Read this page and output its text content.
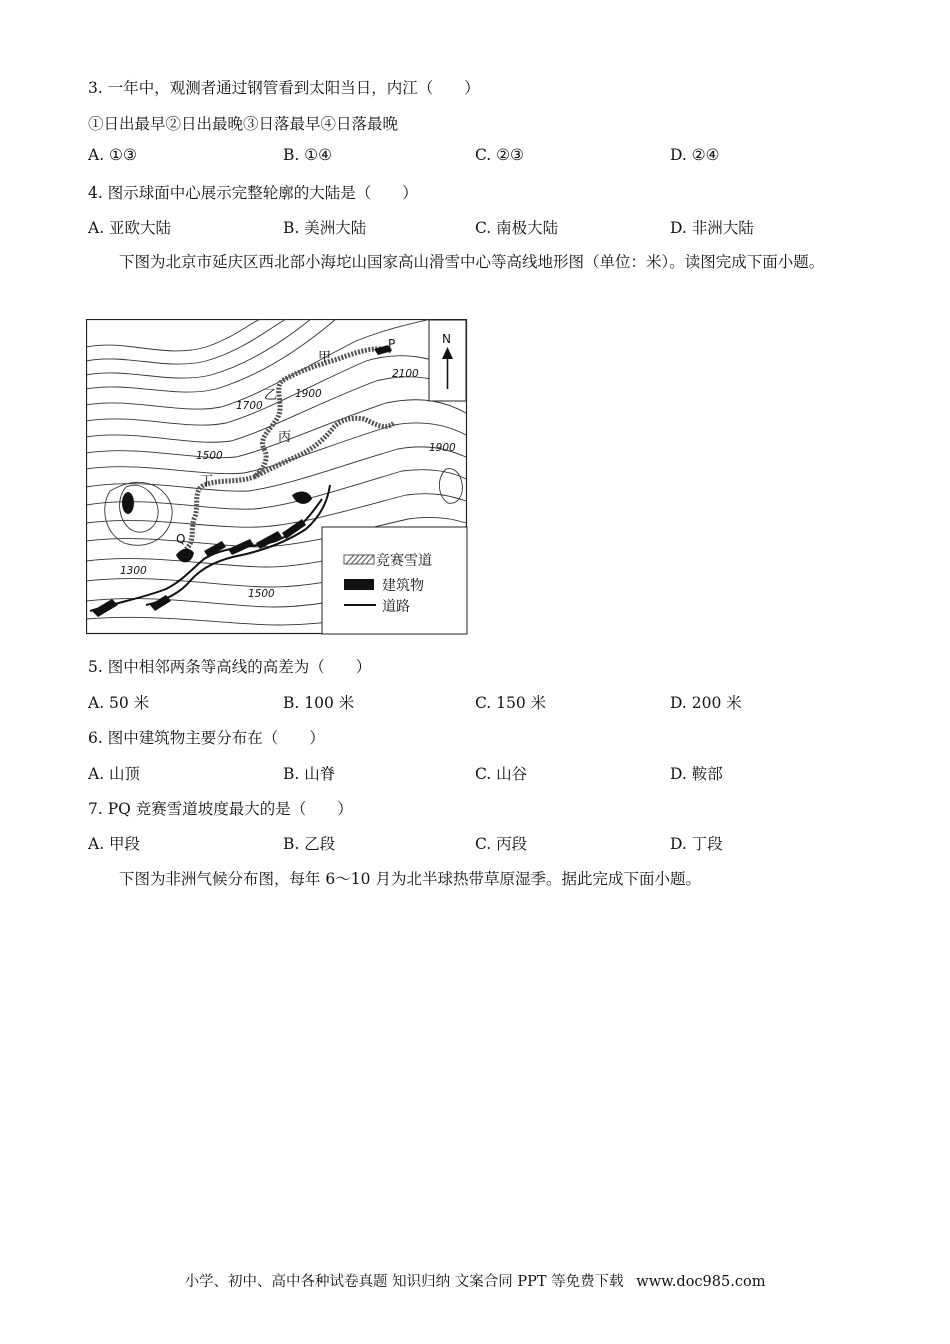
3. 一年中，观测者通过钢管看到太阳当日，内江（　　）
①日出最早②日出最晚③日落最早④日落最晚
A. ①③	B. ①④	C. ②③	D. ②④
4. 图示球面中心展示完整轮廓的大陆是（　　）
A. 亚欧大陆	B. 美洲大陆	C. 南极大陆	D. 非洲大陆
下图为北京市延庆区西北部小海坨山国家高山滑雪中心等高线地形图（单位：米）。读图完成下面小题。
甲
乙
丙
丁
P
Q
N
2100
1900
1900
1700
1500
1500
1300
竞赛雪道
建筑物
道路
5. 图中相邻两条等高线的高差为（　　）
A. 50 米	B. 100 米	C. 150 米	D. 200 米
6. 图中建筑物主要分布在（　　）
A. 山顶	B. 山脊	C. 山谷	D. 鞍部
7. PQ 竞赛雪道坡度最大的是（　　）
A. 甲段	B. 乙段	C. 丙段	D. 丁段
下图为非洲气候分布图，每年 6～10 月为北半球热带草原湿季。据此完成下面小题。
小学、初中、高中各种试卷真题 知识归纳 文案合同 PPT 等免费下载 www.doc985.com
